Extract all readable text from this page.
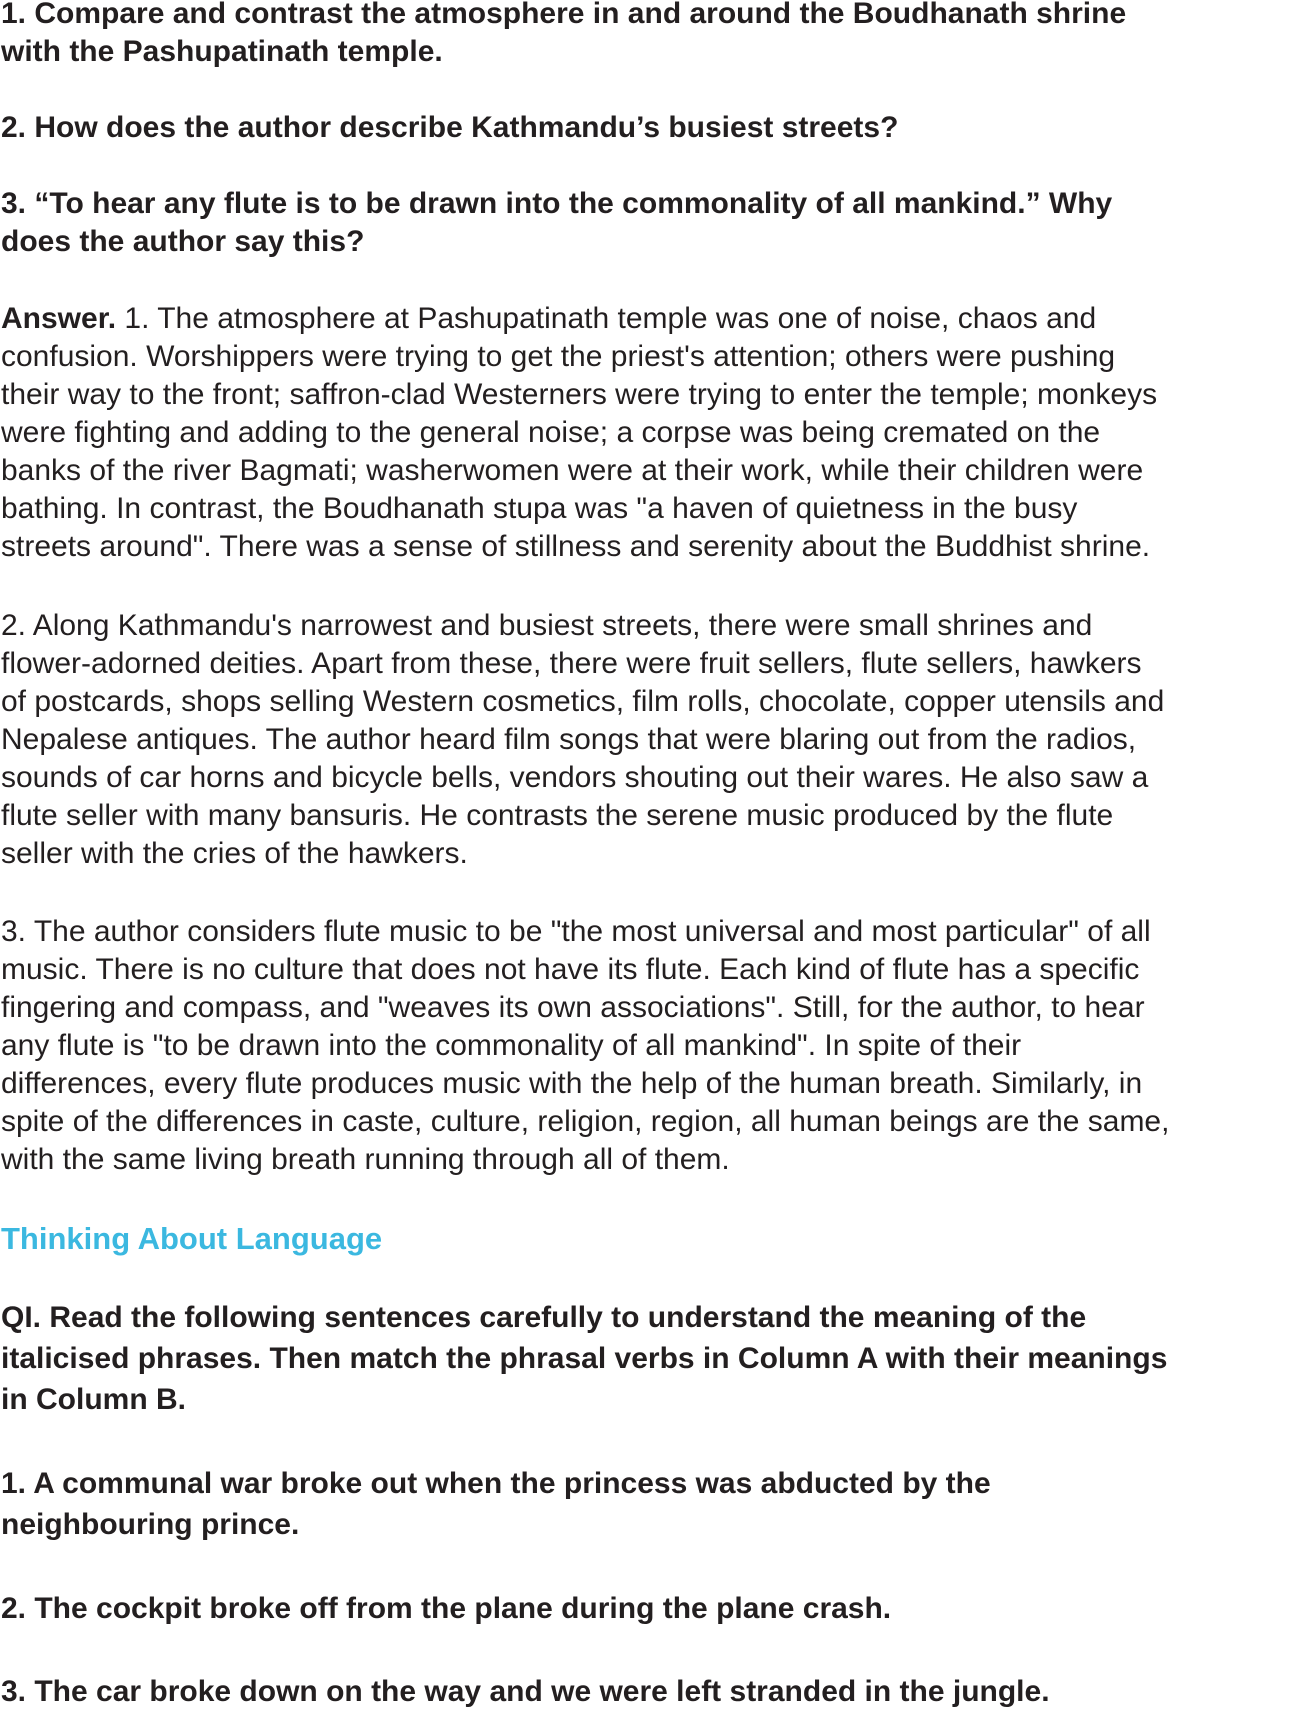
1. Compare and contrast the atmosphere in and around the Boudhanath shrine
with the Pashupatinath temple.
2. How does the author describe Kathmandu’s busiest streets?
3. “To hear any flute is to be drawn into the commonality of all mankind.” Why
does the author say this?
Answer. 1. The atmosphere at Pashupatinath temple was one of noise, chaos and
confusion. Worshippers were trying to get the priest's attention; others were pushing
their way to the front; saffron-clad Westerners were trying to enter the temple; monkeys
were fighting and adding to the general noise; a corpse was being cremated on the
banks of the river Bagmati; washerwomen were at their work, while their children were
bathing. In contrast, the Boudhanath stupa was "a haven of quietness in the busy
streets around". There was a sense of stillness and serenity about the Buddhist shrine.
2. Along Kathmandu's narrowest and busiest streets, there were small shrines and
flower-adorned deities. Apart from these, there were fruit sellers, flute sellers, hawkers
of postcards, shops selling Western cosmetics, film rolls, chocolate, copper utensils and
Nepalese antiques. The author heard film songs that were blaring out from the radios,
sounds of car horns and bicycle bells, vendors shouting out their wares. He also saw a
flute seller with many bansuris. He contrasts the serene music produced by the flute
seller with the cries of the hawkers.
3. The author considers flute music to be "the most universal and most particular" of all
music. There is no culture that does not have its flute. Each kind of flute has a specific
fingering and compass, and "weaves its own associations". Still, for the author, to hear
any flute is "to be drawn into the commonality of all mankind". In spite of their
differences, every flute produces music with the help of the human breath. Similarly, in
spite of the differences in caste, culture, religion, region, all human beings are the same,
with the same living breath running through all of them.
Thinking About Language
QI. Read the following sentences carefully to understand the meaning of the
italicised phrases. Then match the phrasal verbs in Column A with their meanings
in Column B.
1. A communal war broke out when the princess was abducted by the
neighbouring prince.
2. The cockpit broke off from the plane during the plane crash.
3. The car broke down on the way and we were left stranded in the jungle.
